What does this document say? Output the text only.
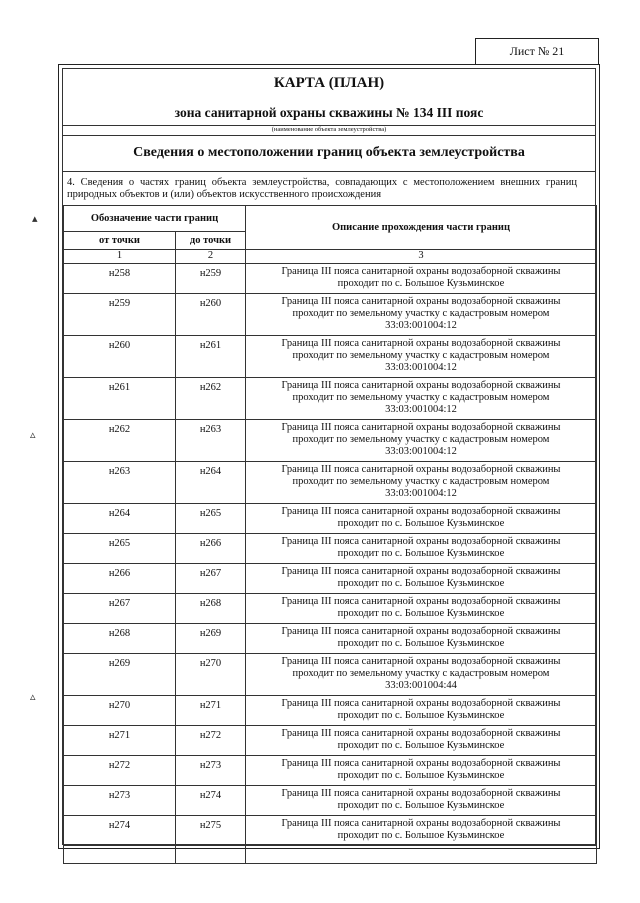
Лист № 21
КАРТА (ПЛАН)
зона санитарной охраны скважины № 134 III пояс
(наименование объекта землеустройства)
Сведения о местоположении границ объекта землеустройства
4. Сведения о частях границ объекта землеустройства, совпадающих с местоположением внешних границ природных объектов и (или) объектов искусственного происхождения
Обозначение части границ		Описание прохождения части границ
от точки	до точки	
1	2	3
н258	н259	Граница III пояса санитарной охраны водозаборной скважины
проходит по с. Большое Кузьминское

н259	н260	Граница III пояса санитарной охраны водозаборной скважины
проходит по земельному участку с кадастровым номером
33:03:001004:12

н260	н261	Граница III пояса санитарной охраны водозаборной скважины
проходит по земельному участку с кадастровым номером
33:03:001004:12

н261	н262	Граница III пояса санитарной охраны водозаборной скважины
проходит по земельному участку с кадастровым номером
33:03:001004:12

н262	н263	Граница III пояса санитарной охраны водозаборной скважины
проходит по земельному участку с кадастровым номером
33:03:001004:12

н263	н264	Граница III пояса санитарной охраны водозаборной скважины
проходит по земельному участку с кадастровым номером
33:03:001004:12

н264	н265	Граница III пояса санитарной охраны водозаборной скважины
проходит по с. Большое Кузьминское

н265	н266	Граница III пояса санитарной охраны водозаборной скважины
проходит по с. Большое Кузьминское

н266	н267	Граница III пояса санитарной охраны водозаборной скважины
проходит по с. Большое Кузьминское

н267	н268	Граница III пояса санитарной охраны водозаборной скважины
проходит по с. Большое Кузьминское

н268	н269	Граница III пояса санитарной охраны водозаборной скважины
проходит по с. Большое Кузьминское

н269	н270	Граница III пояса санитарной охраны водозаборной скважины
проходит по земельному участку с кадастровым номером
33:03:001004:44

н270	н271	Граница III пояса санитарной охраны водозаборной скважины
проходит по с. Большое Кузьминское

н271	н272	Граница III пояса санитарной охраны водозаборной скважины
проходит по с. Большое Кузьминское

н272	н273	Граница III пояса санитарной охраны водозаборной скважины
проходит по с. Большое Кузьминское

н273	н274	Граница III пояса санитарной охраны водозаборной скважины
проходит по с. Большое Кузьминское

н274	н275	Граница III пояса санитарной охраны водозаборной скважины
проходит по с. Большое Кузьминское

▴
▵
▵
